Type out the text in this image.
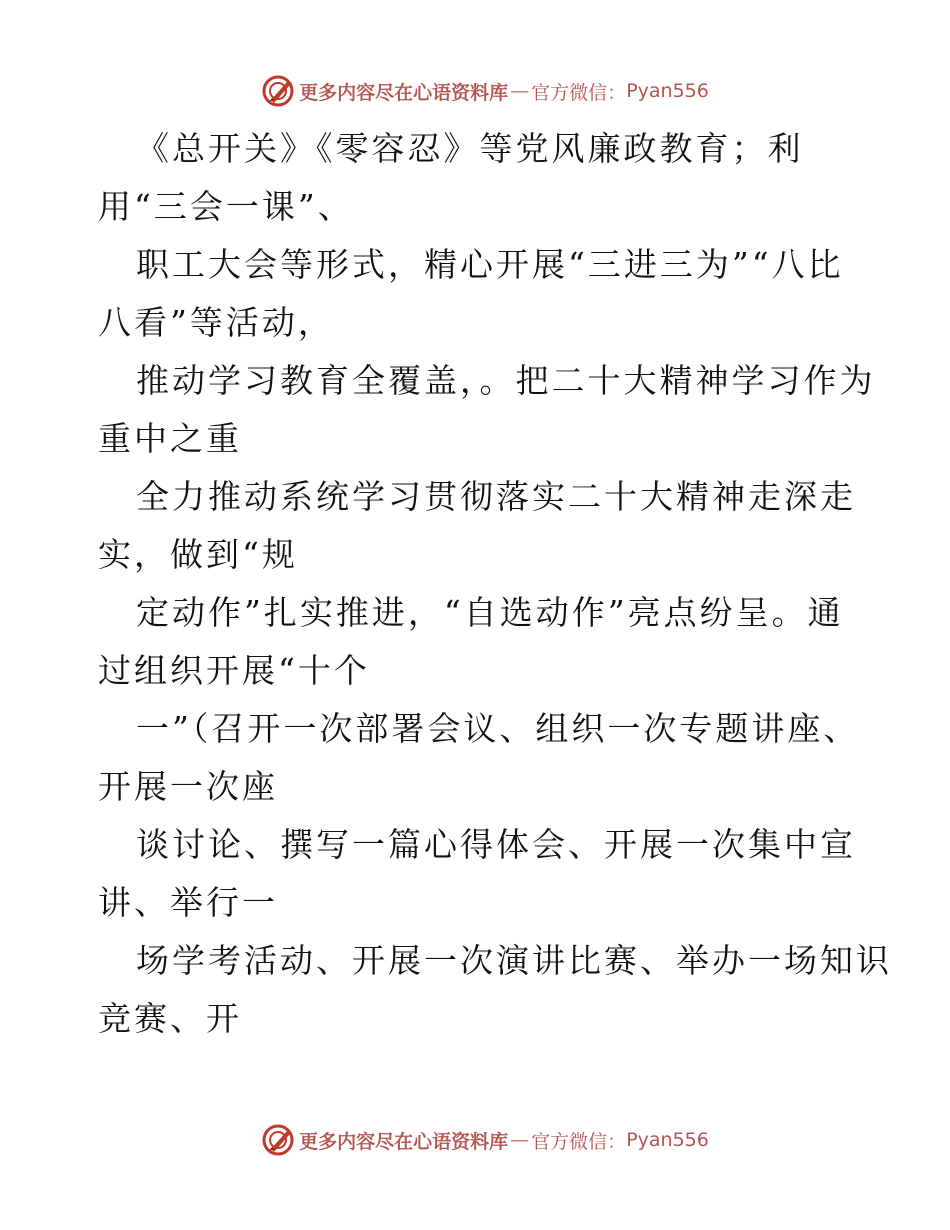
更多内容尽在心语资料库 — 官方微信： Pyan556
《总开关》《零容忍》等党风廉政教育；利
用“三会一课”、
职工大会等形式，精心开展“三进三为”“八比
八看”等活动，
推动学习教育全覆盖，。把二十大精神学习作为
重中之重
全力推动系统学习贯彻落实二十大精神走深走
实，做到“规
定动作”扎实推进，“自选动作”亮点纷呈。通
过组织开展“十个
一”（召开一次部署会议、组织一次专题讲座、
开展一次座
谈讨论、撰写一篇心得体会、开展一次集中宣
讲、举行一
场学考活动、开展一次演讲比赛、举办一场知识
竞赛、开
更多内容尽在心语资料库 — 官方微信： Pyan556
